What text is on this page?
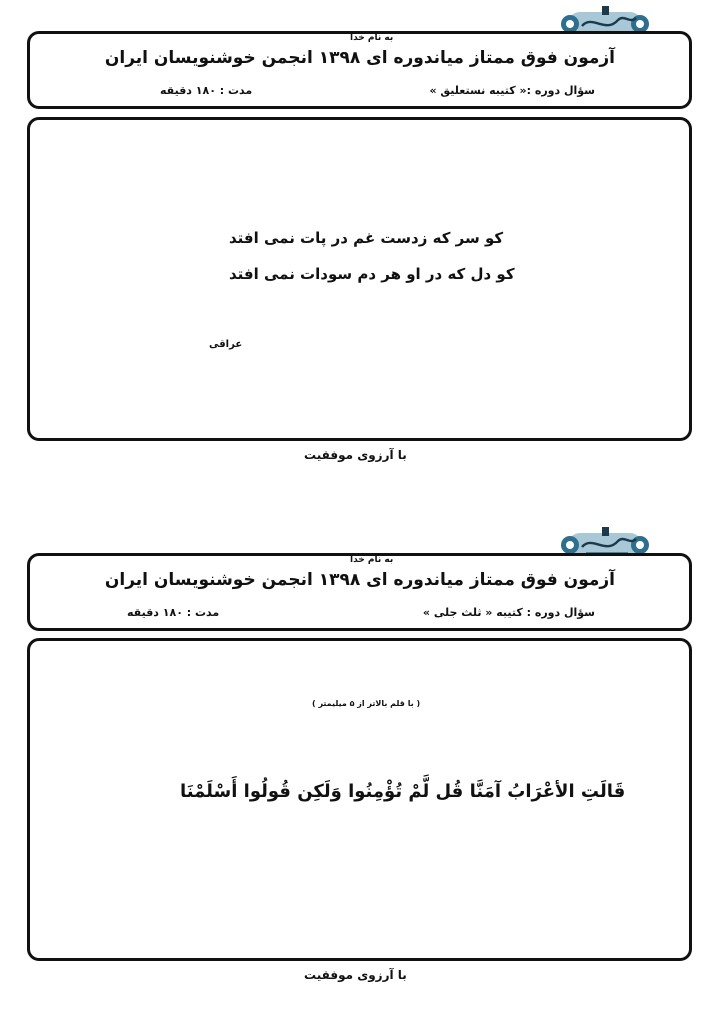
به نام خدا
آزمون فوق ممتاز میاندوره ای ۱۳۹۸ انجمن خوشنویسان ایران
سؤال دوره :« کتیبه نستعلیق »
مدت : ۱۸۰ دقیقه
کو سر که زدست غم در پات نمی افتد
کو دل که در او هر دم سودات نمی افتد
عراقی
با آرزوی موفقیت
به نام خدا
آزمون فوق ممتاز میاندوره ای ۱۳۹۸ انجمن خوشنویسان ایران
سؤال دوره : کتیبه « ثلث جلی »
مدت : ۱۸۰ دقیقه
( با قلم بالاتر از ۵ میلیمتر )
قَالَتِ الأعْرَابُ آمَنَّا قُل لَّمْ تُؤْمِنُوا وَلَكِن قُولُوا أَسْلَمْنَا
با آرزوی موفقیت
